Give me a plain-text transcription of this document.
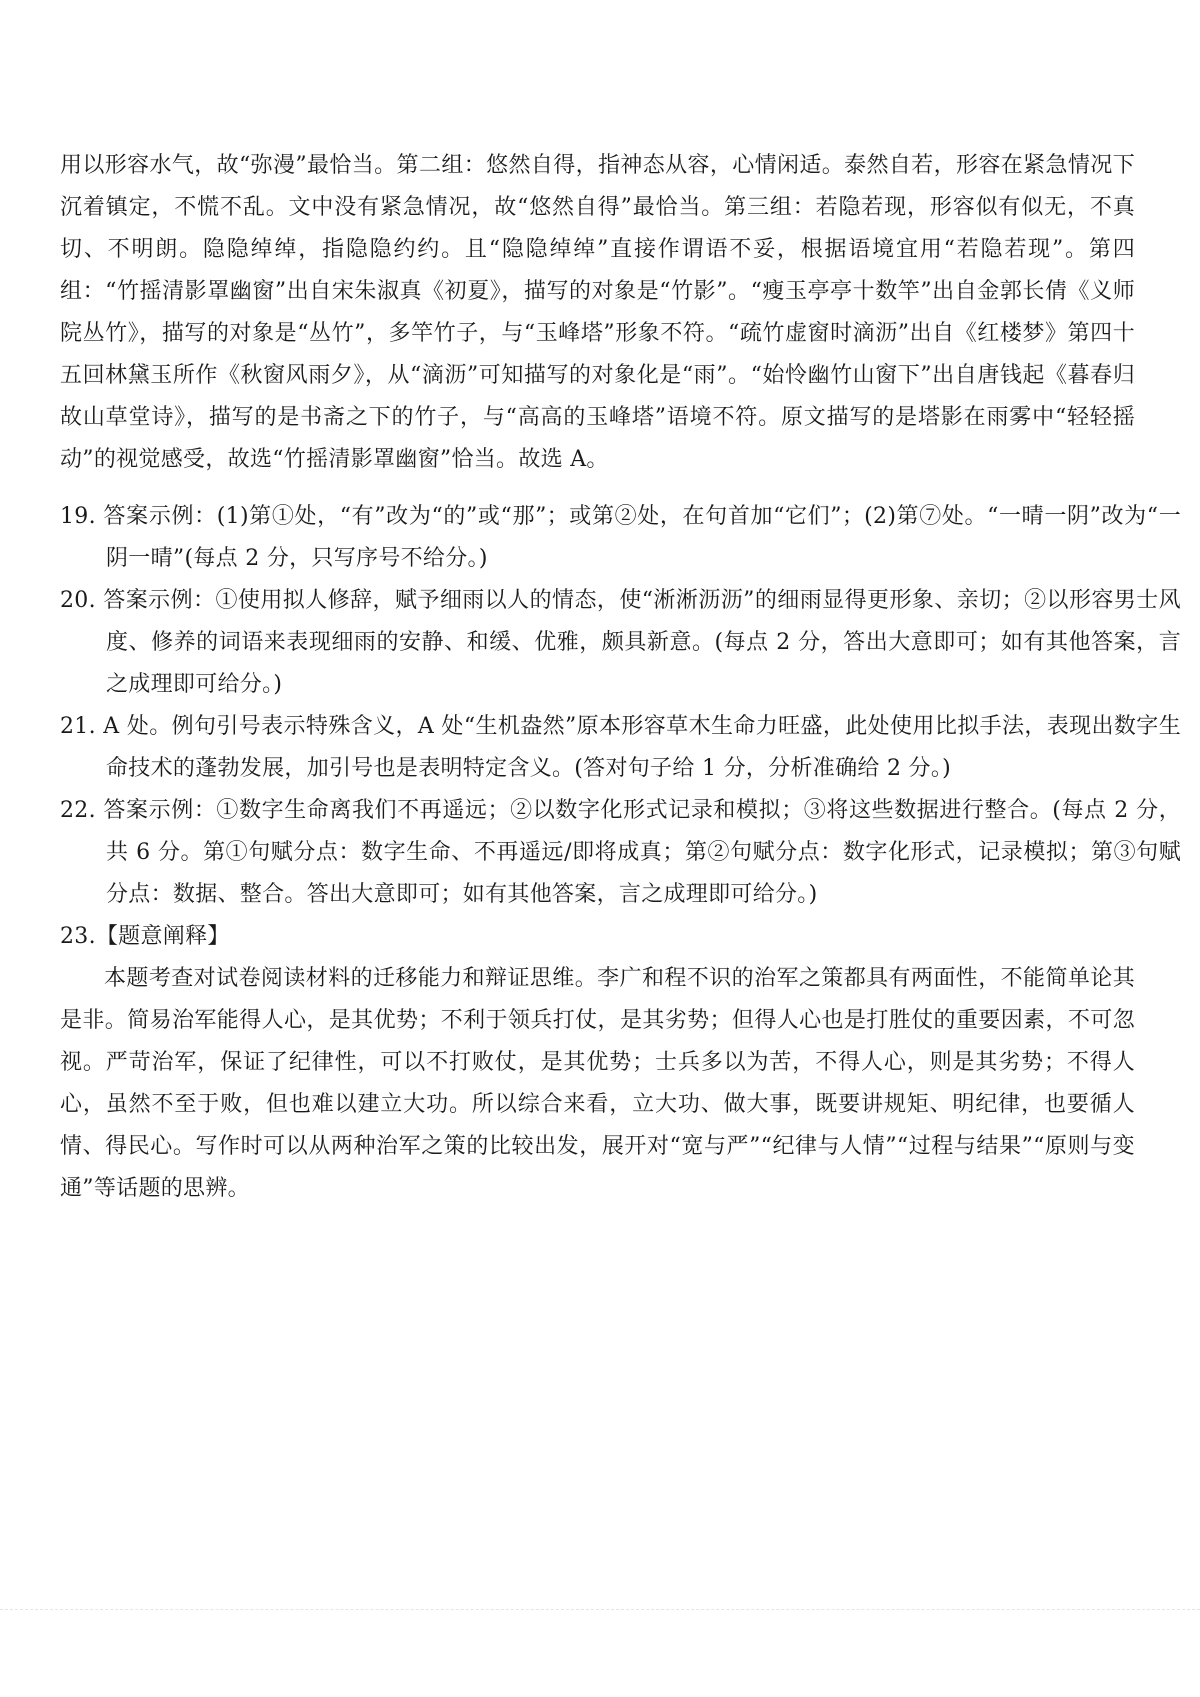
用以形容水气，故“弥漫”最恰当。第二组：悠然自得，指神态从容，心情闲适。泰然自若，形容在紧急情况下沉着镇定，不慌不乱。文中没有紧急情况，故“悠然自得”最恰当。第三组：若隐若现，形容似有似无，不真切、不明朗。隐隐绰绰，指隐隐约约。且“隐隐绰绰”直接作谓语不妥，根据语境宜用“若隐若现”。第四组：“竹摇清影罩幽窗”出自宋朱淑真《初夏》，描写的对象是“竹影”。“瘦玉亭亭十数竿”出自金郭长倩《义师院丛竹》，描写的对象是“丛竹”，多竿竹子，与“玉峰塔”形象不符。“疏竹虚窗时滴沥”出自《红楼梦》第四十五回林黛玉所作《秋窗风雨夕》，从“滴沥”可知描写的对象化是“雨”。“始怜幽竹山窗下”出自唐钱起《暮春归故山草堂诗》，描写的是书斋之下的竹子，与“高高的玉峰塔”语境不符。原文描写的是塔影在雨雾中“轻轻摇动”的视觉感受，故选“竹摇清影罩幽窗”恰当。故选 A。

19. 答案示例：(1)第①处，“有”改为“的”或“那”；或第②处，在句首加“它们”；(2)第⑦处。“一晴一阴”改为“一阴一晴”(每点 2 分，只写序号不给分。)

20. 答案示例：①使用拟人修辞，赋予细雨以人的情态，使“淅淅沥沥”的细雨显得更形象、亲切；②以形容男士风度、修养的词语来表现细雨的安静、和缓、优雅，颇具新意。(每点 2 分，答出大意即可；如有其他答案，言之成理即可给分。)

21. A 处。例句引号表示特殊含义，A 处“生机盎然”原本形容草木生命力旺盛，此处使用比拟手法，表现出数字生命技术的蓬勃发展，加引号也是表明特定含义。(答对句子给 1 分，分析准确给 2 分。)

22. 答案示例：①数字生命离我们不再遥远；②以数字化形式记录和模拟；③将这些数据进行整合。(每点 2 分，共 6 分。第①句赋分点：数字生命、不再遥远/即将成真；第②句赋分点：数字化形式，记录模拟；第③句赋分点：数据、整合。答出大意即可；如有其他答案，言之成理即可给分。)

23.【题意阐释】

本题考查对试卷阅读材料的迁移能力和辩证思维。李广和程不识的治军之策都具有两面性，不能简单论其是非。简易治军能得人心，是其优势；不利于领兵打仗，是其劣势；但得人心也是打胜仗的重要因素，不可忽视。严苛治军，保证了纪律性，可以不打败仗，是其优势；士兵多以为苦，不得人心，则是其劣势；不得人心，虽然不至于败，但也难以建立大功。所以综合来看，立大功、做大事，既要讲规矩、明纪律，也要循人情、得民心。写作时可以从两种治军之策的比较出发，展开对“宽与严”“纪律与人情”“过程与结果”“原则与变通”等话题的思辨。
